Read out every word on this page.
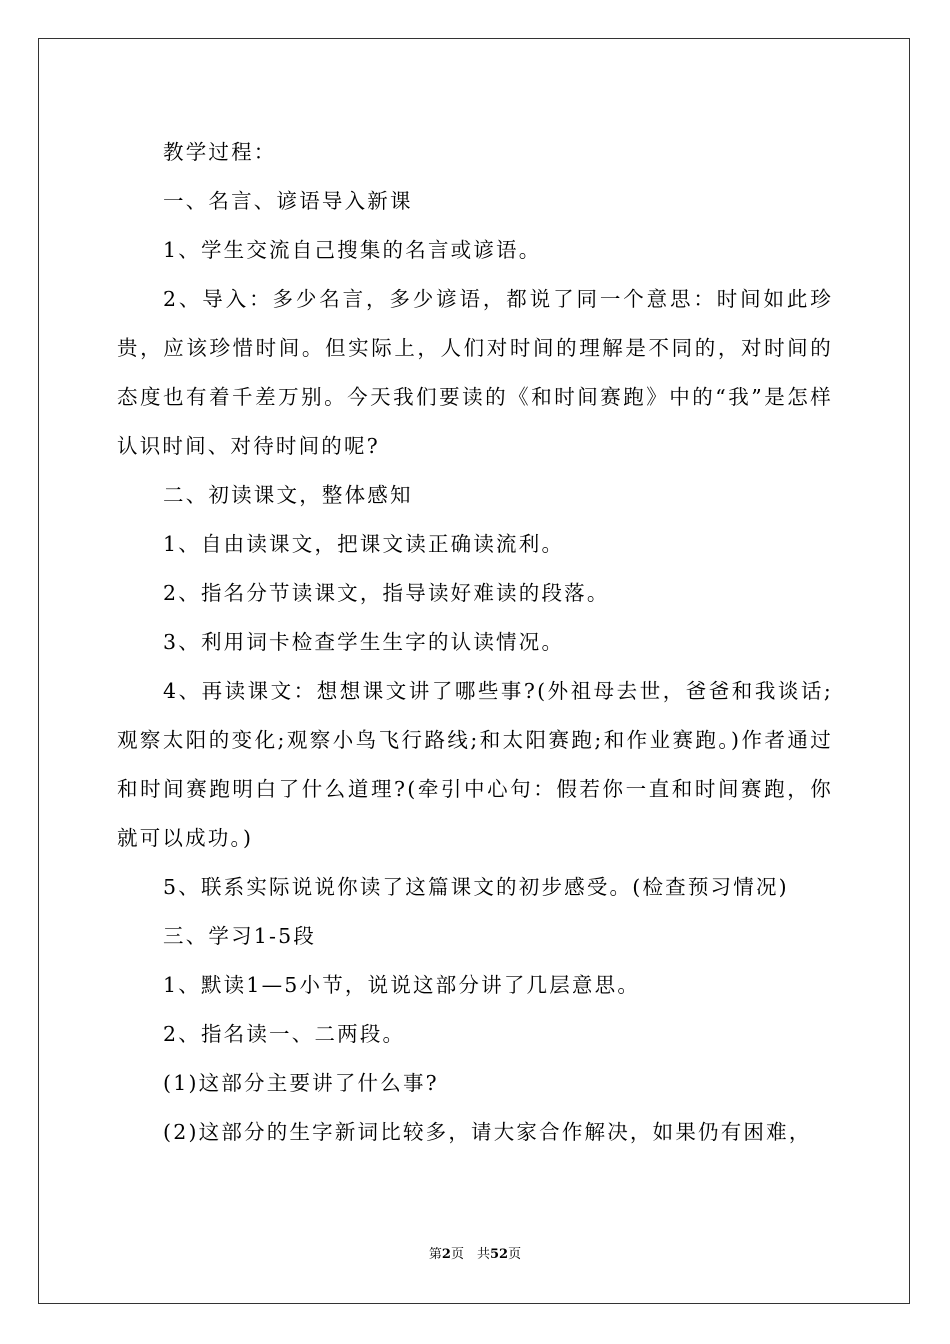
教学过程：

一、名言、谚语导入新课

1、学生交流自己搜集的名言或谚语。

2、导入：多少名言，多少谚语，都说了同一个意思：时间如此珍贵，应该珍惜时间。但实际上，人们对时间的理解是不同的，对时间的态度也有着千差万别。今天我们要读的《和时间赛跑》中的“我”是怎样认识时间、对待时间的呢?

二、初读课文，整体感知

1、自由读课文，把课文读正确读流利。

2、指名分节读课文，指导读好难读的段落。

3、利用词卡检查学生生字的认读情况。

4、再读课文：想想课文讲了哪些事?(外祖母去世，爸爸和我谈话;观察太阳的变化;观察小鸟飞行路线;和太阳赛跑;和作业赛跑。)作者通过和时间赛跑明白了什么道理?(牵引中心句：假若你一直和时间赛跑，你就可以成功。)

5、联系实际说说你读了这篇课文的初步感受。(检查预习情况)

三、学习1-5段

1、默读1—5小节，说说这部分讲了几层意思。

2、指名读一、二两段。

(1)这部分主要讲了什么事?

(2)这部分的生字新词比较多，请大家合作解决，如果仍有困难，

第2页　共52页
